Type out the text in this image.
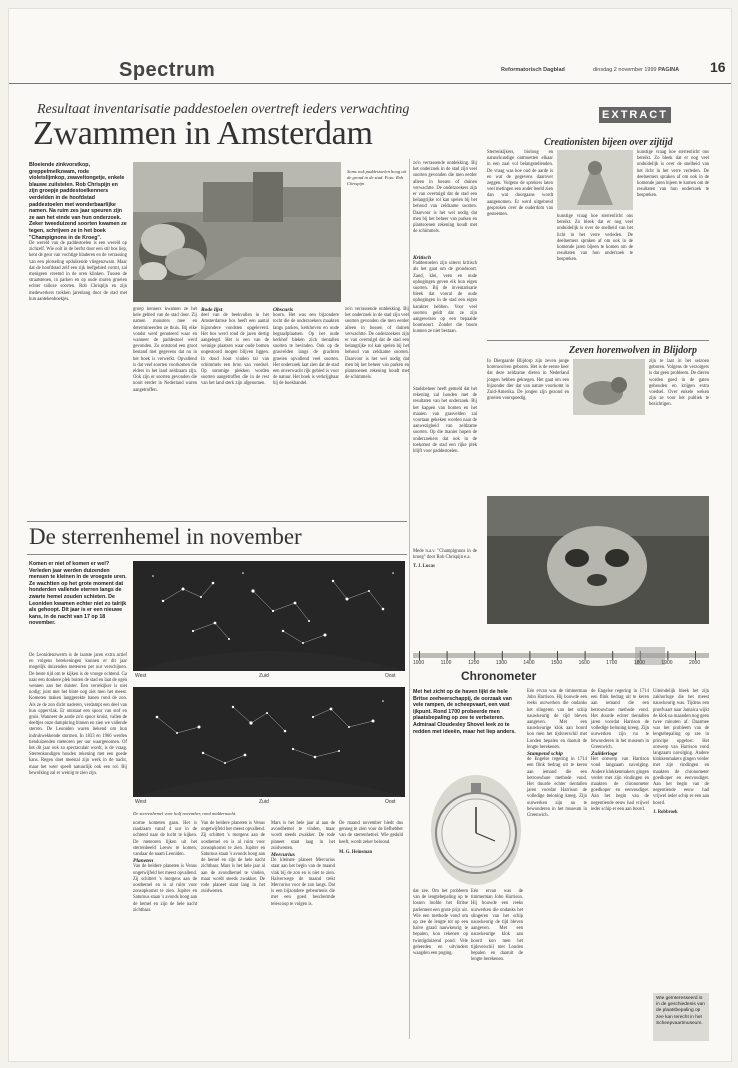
Spectrum	Reformatorisch Dagblad	dinsdag 2 november 1999 PAGINA 16
Resultaat inventarisatie paddestoelen overtreft ieders verwachting
Zwammen in Amsterdam
Bloeiende zinkvorstkop, greppelmelkzwam, rode violetslijmkop, zwaveltongetje, enkele blauwe zuilstelen. Rob Chrispijn en zijn groepje paddestoelkenners verdelden in de hoofdstad paddestoelen met wonderbaarlijke namen. Na ruim zes jaar speuren zijn ze aan het einde van hun onderzoek. Zeker tweeduizend soorten kwamen ze tegen, schrijven ze in het boek "Champignons in de Kroeg".
De wereld van de paddestoelen is een wereld op zichzelf. Wie ooit in de herfst door een stil bos liep, kent de geur van vochtige bladeren en de verrassing van een plotseling opduikende vliegenzwam. Maar dat de hoofdstad zelf een rijk leefgebied vormt, zal menigeen vreemd in de oren klinken. Tussen de straatstenen, in parken en op oude muren groeien echter talloze soorten. Rob Chrispijn en zijn medewerkers trokken jarenlang door de stad met hun aantekenboekjes.
Soms ook paddestoelen hoog uit de grond in de stad. Foto: Rob Chrispijn
groep kenners kwamen ze het hele gebied van de stad door. Zij namen monsters mee en determineerden ze thuis. Bij elke vondst werd genoteerd waar en wanneer de paddestoel werd gevonden. Zo ontstond een groot bestand met gegevens dat nu in het boek is verwerkt. Opvallend is dat veel soorten voorkomen die elders in het land zeldzaam zijn. Ook zijn er soorten gevonden die nooit eerder in Nederland waren aangetroffen.
Rode lijst
deel van de beekvallen in het Amsterdamse bos heeft een aantal bijzondere vondsten opgeleverd. Het bos werd rond de jaren dertig aangelegd. Het is een van de weinige plaatsen waar oude bomen ongestoord mogen blijven liggen. In dood hout vinden tal van schimmels een bron van voedsel. Op sommige plekken worden soorten aangetroffen die in de rest van het land sterk zijn afgenomen.
Obscuris
hoorn. Het was een bijzondere tocht die de onderzoekers maakten langs parken, kerkhoven en oude begraafplaatsen. Op het oude kerkhof bleken zich tientallen soorten te bevinden. Ook op de grasvelden langs de grachten groeien opvallend veel soorten. Het onderzoek laat zien dat de stad een onverwacht rijk gebied is voor de natuur. Het boek is verkrijgbaar bij de boekhandel.
zo'n verrassende ontdekking. Bij het onderzoek in de stad zijn veel soorten gevonden die men eerder alleen in bossen of duinen verwachtte. De onderzoekers zijn er van overtuigd dat de stad een belangrijke rol kan spelen bij het behoud van zeldzame soorten. Daarvoor is het wel nodig dat men bij het beheer van parken en plantsoenen rekening houdt met de schimmels.
zo'n verrassende ontdekking. Bij het onderzoek in de stad zijn veel soorten gevonden die men eerder alleen in bossen of duinen verwachtte. De onderzoekers zijn er van overtuigd dat de stad een belangrijke rol kan spelen bij het behoud van zeldzame soorten. Daarvoor is het wel nodig dat men bij het beheer van parken en plantsoenen rekening houdt met de schimmels.
Kritisch
Paddestoelen zijn uiterst kritisch als het gaat om de grondsoort. Zand, klei, veen en oude ophogingen geven elk hun eigen soorten. Bij de inventarisatie bleek dat vooral de oude ophogingen in de stad een eigen karakter hebben. Voor veel soorten geldt dat ze zijn aangewezen op een bepaalde boomsoort. Zonder die boom kunnen ze niet bestaan.
Stadsbeheer heeft gemeld dat het rekening zal houden met de resultaten van het onderzoek. Bij het kappen van bomen en het maaien van grasvelden zal voortaan gekeken worden naar de aanwezigheid van zeldzame soorten. Op die manier hopen de onderzoekers dat ook in de toekomst de stad een rijke plek blijft voor paddestoelen.
Mede n.a.v. "Champignons in de kroeg" door Rob Chrispijn e.a.
T. J. Lucas
EXTRACT
Creationisten bijeen over zijtijd
Sterrenkijkers, bioloog en natuurkundige ontmoetten elkaar in een zaal vol belangstellenden. De vraag was hoe oud de aarde is en wat de gegevens daarover zeggen. Volgens de sprekers laten veel metingen een ander beeld zien dan wat doorgaans wordt aangenomen. Er werd uitgebreid gesproken over de ouderdom van gesteenten.	kunstige vraag hoe sterrenlicht ons bereikt. Zo bleek dat er nog veel onduidelijk is over de snelheid van het licht in het verre verleden. De deelnemers spraken af om ook in de komende jaren bijeen te komen om de resultaten van hun onderzoek te bespreken.
kunstige vraag hoe sterrenlicht ons bereikt. Zo bleek dat er nog veel onduidelijk is over de snelheid van het licht in het verre verleden. De deelnemers spraken af om ook in de komende jaren bijeen te komen om de resultaten van hun onderzoek te bespreken.
Zeven horenwolven in Blijdorp
In Diergaarde Blijdorp zijn zeven jonge horenwolven geboren. Het is de eerste keer dat deze zeldzame dieren in Nederland jongen hebben gekregen. Het gaat om een bijzonder dier dat van nature voorkomt in Zuid-Amerika. De jongen zijn gezond en groeien voorspoedig.
zijn te laat in het seizoen geboren. Volgens de verzorgers is dat geen probleem. De dieren worden goed in de gaten gehouden en krijgen extra voedsel. Over enkele weken zijn ze voor het publiek te bezichtigen.
De sterrenhemel in november
Komen er niet of komen er wel? Verleden jaar werden duizenden mensen te kleinen in de vroegste uren. Ze wachtten op het grote moment dat honderden vallende sterren langs de zwarte hemel zouden schieten. De Leoniden kwamen echter niet zo talrijk als gehoopt. Dit jaar is er een nieuwe kans, in de nacht van 17 op 18 november.
De Leonidenzwerm is de laatste jaren extra actief en volgens berekeningen kunnen er dit jaar mogelijk duizenden meteoren per uur verschijnen. De beste tijd om te kijken is de vroege ochtend. Ga naar een donkere plek buiten de stad en laat de ogen wennen aan het duister. Een verrekijker is niet nodig; juist met het blote oog ziet men het meest. Kometen maken langgerekte banen rond de zon. Als ze de zon dicht naderen, verdampt een deel van hun oppervlak. Er ontstaat een spoor van stof en gruis. Wanneer de aarde zo'n spoor kruist, vallen de deeltjes onze dampkring binnen en zien we vallende sterren. De Leoniden waren bekend om hun indrukwekkende stormen. In 1833 en 1966 werden tienduizenden meteoren per uur waargenomen. Of het dit jaar ook zo spectaculair wordt, is de vraag. Sterrenkundigen houden rekening met een goede kans. Regen doet meestal zijn werk in de nacht, maar het weer speelt natuurlijk ook een rol. Bij bewolking zal er weinig te zien zijn.
West	Zuid	Oost
West	Zuid	Oost
De sterrenhemel voor half november, rond middernacht.
norme kometen gaan. Het is raadzaam vanaf 4 uur in de ochtend naar de lucht te kijken. De meteoren lijken uit het sterrenbeeld Leeuw te komen, vandaar de naam Leoniden.
Planeten
Van de heldere planeten is Venus ongetwijfeld het meest opvallend. Zij schittert 's morgens aan de oosthemel en is al ruim voor zonsopkomst te zien. Jupiter en Saturnus staan 's avonds hoog aan de hemel en zijn de hele nacht zichtbaar.
Van de heldere planeten is Venus ongetwijfeld het meest opvallend. Zij schittert 's morgens aan de oosthemel en is al ruim voor zonsopkomst te zien. Jupiter en Saturnus staan 's avonds hoog aan de hemel en zijn de hele nacht zichtbaar. Mars is het hele jaar al aan de avondhemel te vinden, maar wordt steeds zwakker. De rode planeet staat laag in het zuidwesten.
Mars is het hele jaar al aan de avondhemel te vinden, maar wordt steeds zwakker. De rode planeet staat laag in het zuidwesten.
Mercurius
De kleinste planeet Mercurius staat aan het begin van de maand vlak bij de zon en is niet te zien. Halverwege de maand trekt Mercurius voor de zon langs. Dat is een bijzondere gebeurtenis die met een goed beschermde telescoop te volgen is.
De maand november biedt dus genoeg te zien voor de liefhebber van de sterrenhemel. Wie geduld heeft, wordt zeker beloond.
M. G. Heinsman
1000	1100	1200	1300	1400	1500	1600	1700	1800	1900	2000
Chronometer
Met het zicht op de haven lijkt de hele Britse zeeheerschappij, de oorzaak van vele rampen, de scheepvaart, een vast ijkpunt. Rond 1700 probeerde men plaatsbepaling op zee te verbeteren. Admiraal Cloudesley Shovel leek zo te redden met ideeën, maar het liep anders.
dat zee. Om het probleem van de lengtebepaling op te lossen loofde het Britse parlement een grote prijs uit. Wie een methode vond om op zee de lengte tot op een halve graad nauwkeurig te bepalen, kon rekenen op twintigduizend pond. Vele geleerden en uitvinders waagden een poging.
Eén ervan was de timmerman John Harrison. Hij bouwde een reeks uurwerken die ondanks het slingeren van het schip nauwkeurig de tijd bleven aangeven. Met een nauwkeurige klok aan boord kon men het tijdsverschil met Londen bepalen en daaruit de lengte berekenen.
Eén ervan was de timmerman John Harrison. Hij bouwde een reeks uurwerken die ondanks het slingeren van het schip nauwkeurig de tijd bleven aangeven. Met een nauwkeurige klok aan boord kon men het tijdsverschil met Londen bepalen en daaruit de lengte berekenen.
Stampend schip
de Engelse regering in 1714 een flink bedrag uit te keren aan iemand die een betrouwbare methode vond. Het duurde echter tientallen jaren voordat Harrison de volledige beloning kreeg. Zijn uurwerken zijn nu te bewonderen in het museum in Greenwich.
de Engelse regering in 1714 een flink bedrag uit te keren aan iemand die een betrouwbare methode vond. Het duurde echter tientallen jaren voordat Harrison de volledige beloning kreeg. Zijn uurwerken zijn nu te bewonderen in het museum in Greenwich.
Zuilderloge
Het ontwerp van Harrison vond langzaam navolging. Andere klokkenmakers gingen verder met zijn vindingen en maakten de chronometer goedkoper en eenvoudiger. Aan het begin van de negentiende eeuw had vrijwel ieder schip er een aan boord.
Uiteindelijk bleek het zijn zakhorloge die het meest nauwkeurig was. Tijdens een proefvaart naar Jamaica wijkt de klok na maanden nog geen twee minuten af. Daarmee was het probleem van de lengtebepaling op zee in principe opgelost. Het ontwerp van Harrison vond langzaam navolging. Andere klokkenmakers gingen verder met zijn vindingen en maakten de chronometer goedkoper en eenvoudiger. Aan het begin van de negentiende eeuw had vrijwel ieder schip er een aan boord.
J. Robbroek
Wie geïnteresseerd is in de geschiedenis van de plaatsbepaling op zee kan terecht in het Scheepvaartmuseum.
